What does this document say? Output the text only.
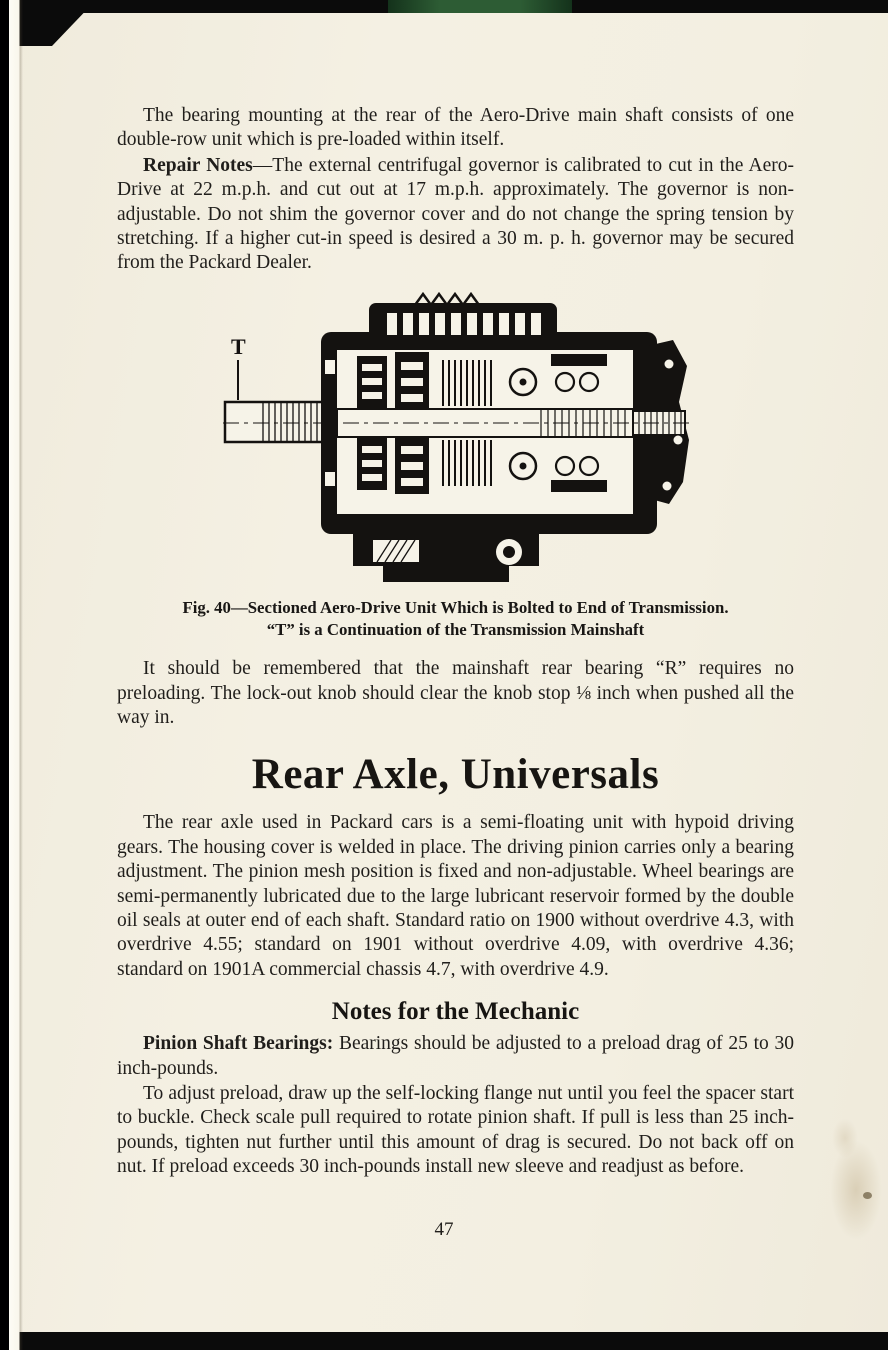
The bearing mounting at the rear of the Aero-Drive main shaft consists of one double-row unit which is pre-loaded within itself.

Repair Notes—The external centrifugal governor is calibrated to cut in the Aero-Drive at 22 m.p.h. and cut out at 17 m.p.h. approximately. The governor is non-adjustable. Do not shim the governor cover and do not change the spring tension by stretching. If a higher cut-in speed is desired a 30 m. p. h. governor may be secured from the Packard Dealer.

T
Fig. 40—Sectioned Aero-Drive Unit Which is Bolted to End of Transmission.
“T” is a Continuation of the Transmission Mainshaft

It should be remembered that the mainshaft rear bearing “R” requires no preloading. The lock-out knob should clear the knob stop ⅛ inch when pushed all the way in.

Rear Axle, Universals

The rear axle used in Packard cars is a semi-floating unit with hypoid driving gears. The housing cover is welded in place. The driving pinion carries only a bearing adjustment. The pinion mesh position is fixed and non-adjustable. Wheel bearings are semi-permanently lubricated due to the large lubricant reservoir formed by the double oil seals at outer end of each shaft. Standard ratio on 1900 without overdrive 4.3, with overdrive 4.55; standard on 1901 without overdrive 4.09, with overdrive 4.36; standard on 1901A commercial chassis 4.7, with overdrive 4.9.

Notes for the Mechanic

Pinion Shaft Bearings: Bearings should be adjusted to a preload drag of 25 to 30 inch-pounds.

To adjust preload, draw up the self-locking flange nut until you feel the spacer start to buckle. Check scale pull required to rotate pinion shaft. If pull is less than 25 inch-pounds, tighten nut further until this amount of drag is secured. Do not back off on nut. If preload exceeds 30 inch-pounds install new sleeve and readjust as before.

47
